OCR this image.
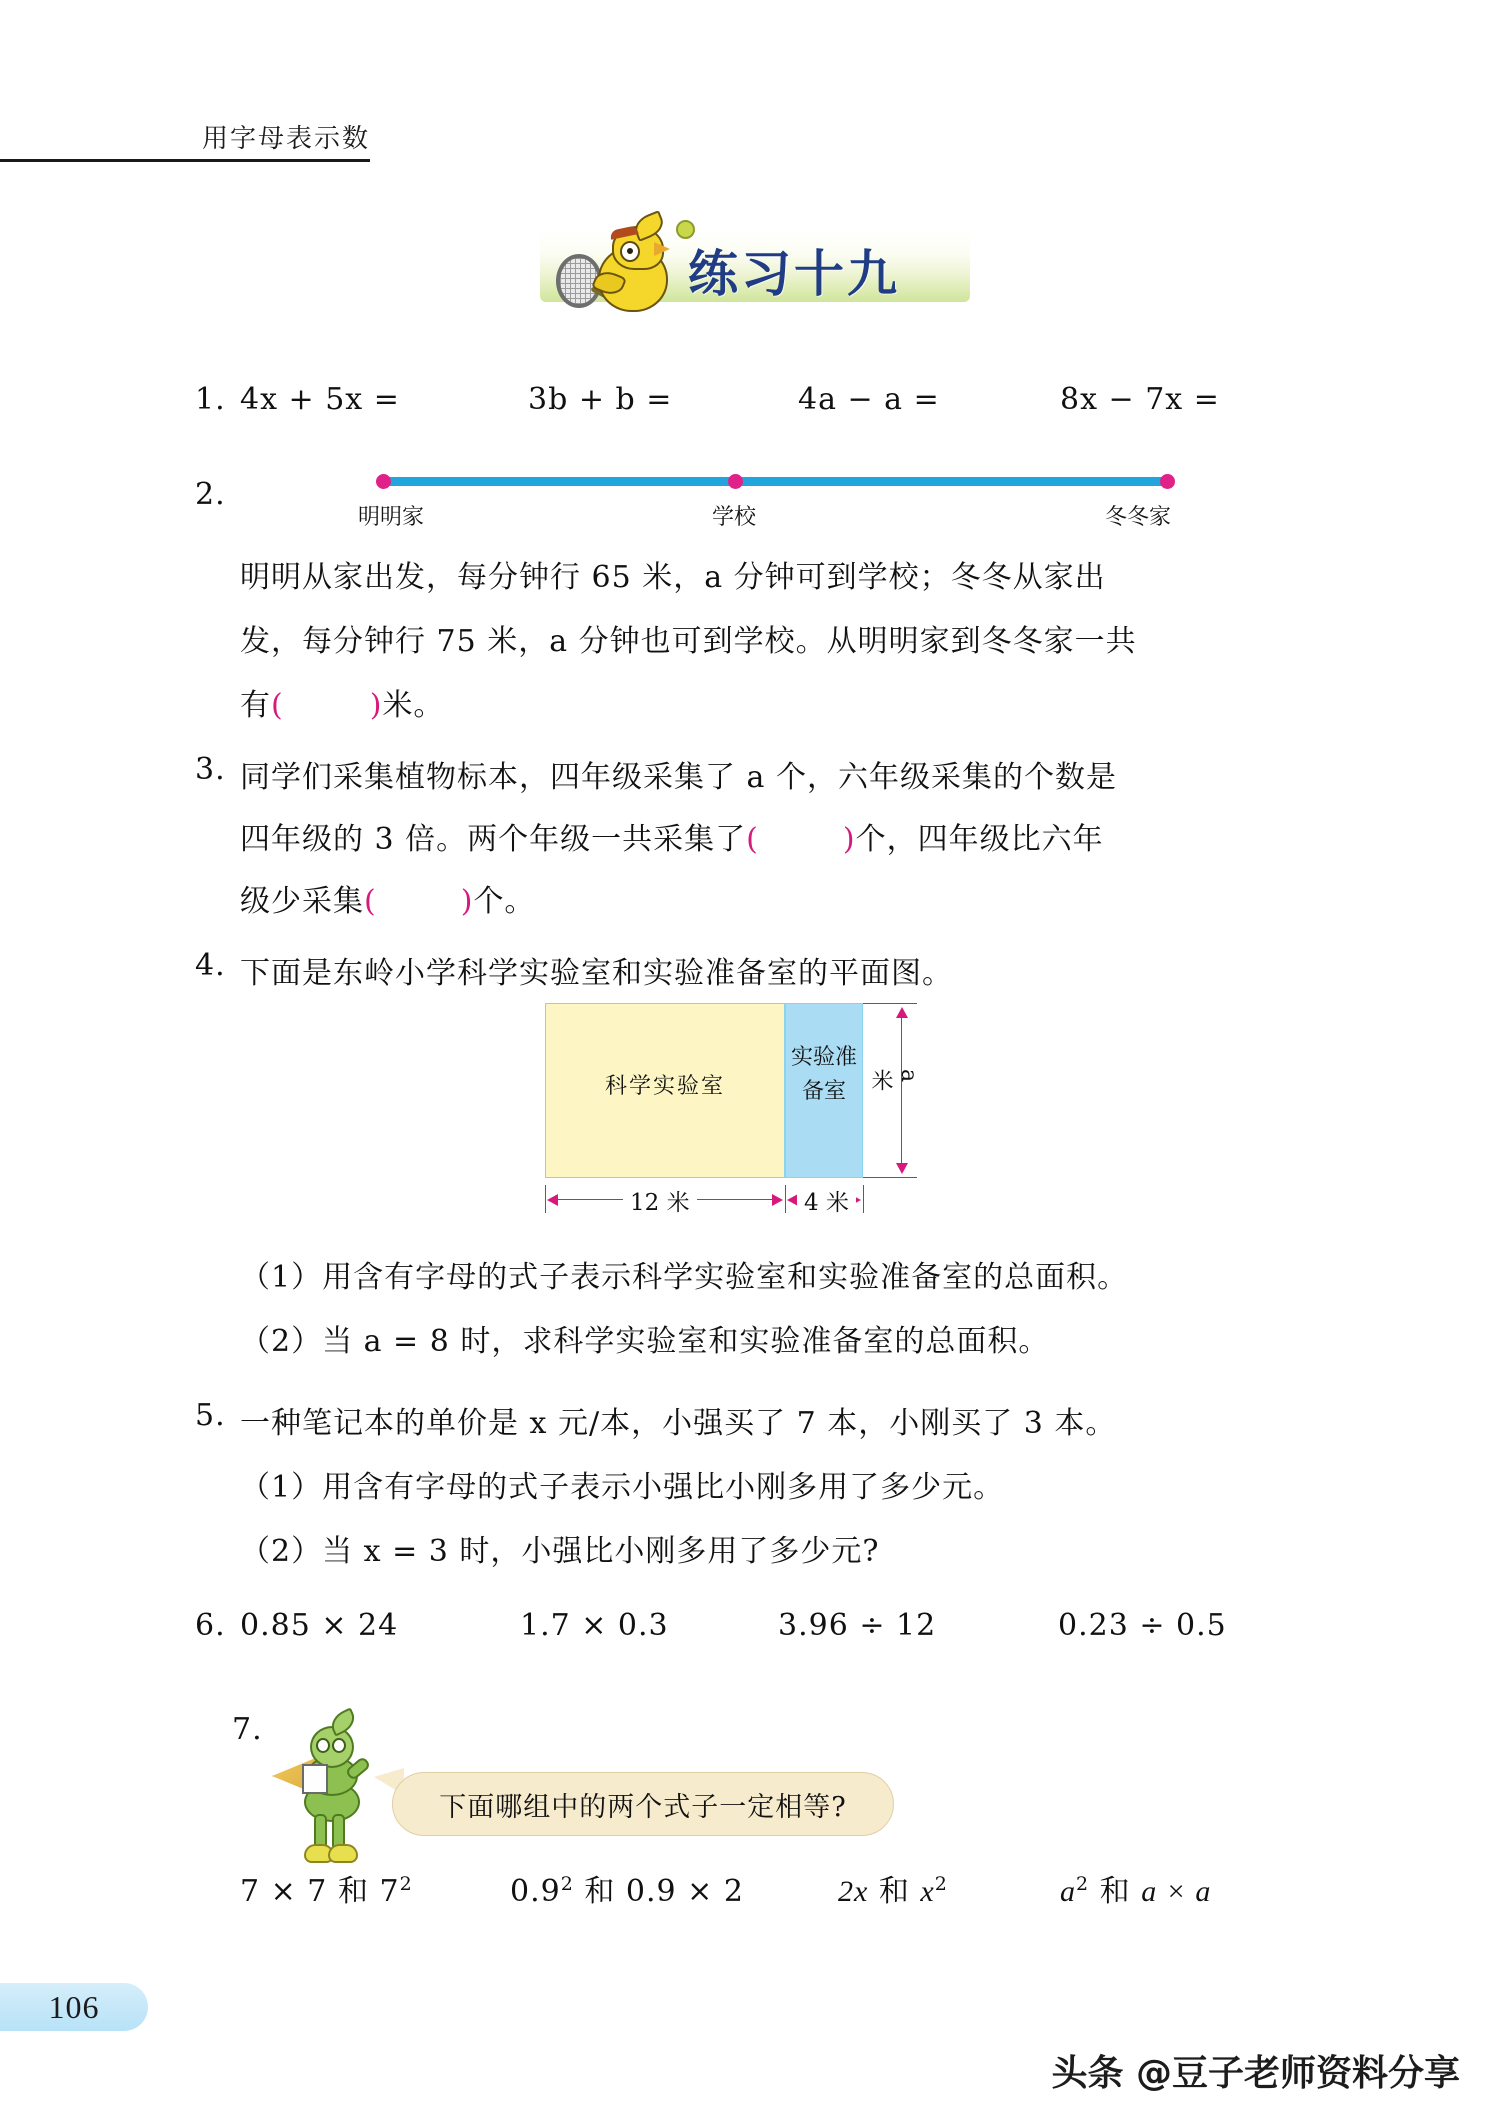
用字母表示数
练习十九
1. 4x + 5x =	3b + b =	4a − a =	8x − 7x =
2.
明明家	学校	冬冬家
明明从家出发，每分钟行 65 米，a 分钟可到学校；冬冬从家出
发，每分钟行 75 米，a 分钟也可到学校。从明明家到冬冬家一共
有(	)米。
3. 同学们采集植物标本，四年级采集了 a 个，六年级采集的个数是
四年级的 3 倍。两个年级一共采集了(	)个，四年级比六年
级少采集(	)个。
4. 下面是东岭小学科学实验室和实验准备室的平面图。
科学实验室
实验准备室
a 米
12 米	4 米
（1）用含有字母的式子表示科学实验室和实验准备室的总面积。
（2）当 a = 8 时，求科学实验室和实验准备室的总面积。
5. 一种笔记本的单价是 x 元/本，小强买了 7 本，小刚买了 3 本。
（1）用含有字母的式子表示小强比小刚多用了多少元。
（2）当 x = 3 时，小强比小刚多用了多少元?
6. 0.85 × 24	1.7 × 0.3	3.96 ÷ 12	0.23 ÷ 0.5
7.
下面哪组中的两个式子一定相等?
7 × 7 和 $7^2$	$0.9^2$ 和 0.9 × 2	2x 和 $x^2$	$a^2$ 和 a × a
106
头条 @豆子老师资料分享
